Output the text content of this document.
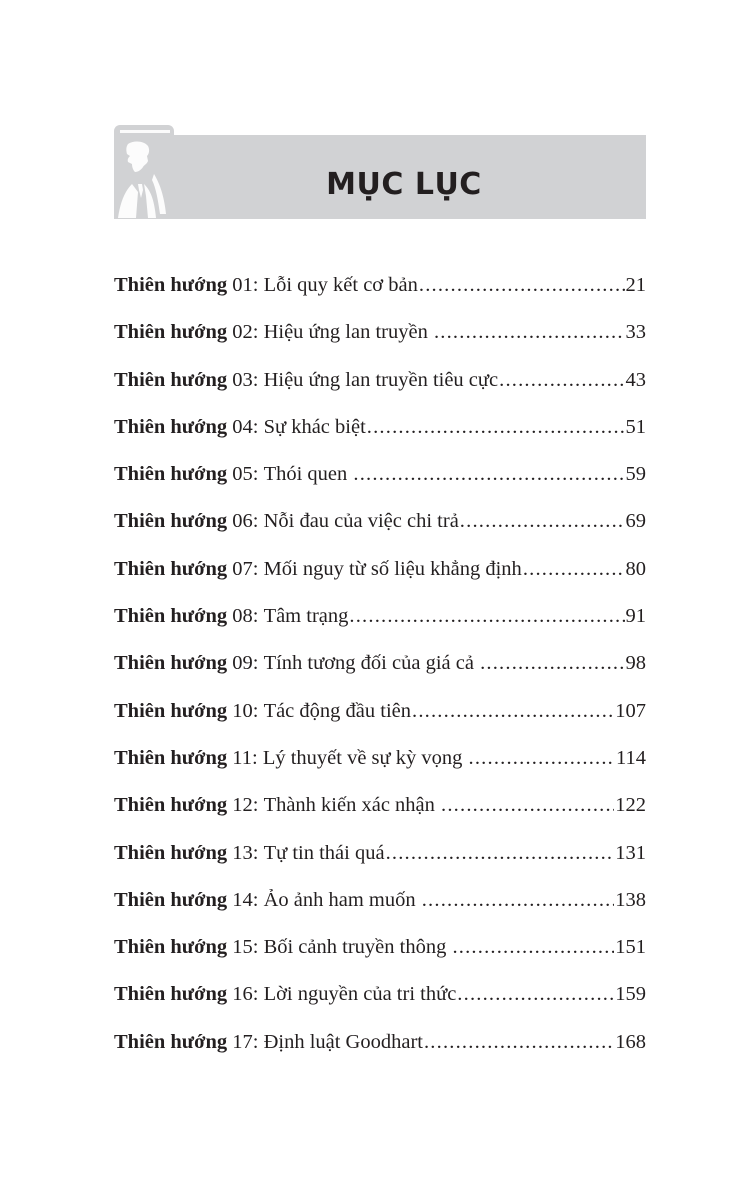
MỤC LỤC
Thiên hướng
01 : Lỗi quy kết cơ bản .....	21
Thiên hướng
02 : Hiệu ứng lan truyền .....	33
Thiên hướng
03 : Hiệu ứng lan truyền tiêu cực .....	43
Thiên hướng
04 : Sự khác biệt .....	51
Thiên hướng
05 : Thói quen .....	59
Thiên hướng
06 : Nỗi đau của việc chi trả .....	69
Thiên hướng
07 : Mối nguy từ số liệu khẳng định .....	80
Thiên hướng
08 : Tâm trạng .....	91
Thiên hướng
09 : Tính tương đối của giá cả .....	98
Thiên hướng
10 : Tác động đầu tiên .....	107
Thiên hướng
11 : Lý thuyết về sự kỳ vọng .....	114
Thiên hướng
12 : Thành kiến xác nhận .....	122
Thiên hướng
13 : Tự tin thái quá .....	131
Thiên hướng
14 : Ảo ảnh ham muốn .....	138
Thiên hướng
15 : Bối cảnh truyền thông .....	151
Thiên hướng
16 : Lời nguyền của tri thức .....	159
Thiên hướng
17 : Định luật Goodhart .....	168
